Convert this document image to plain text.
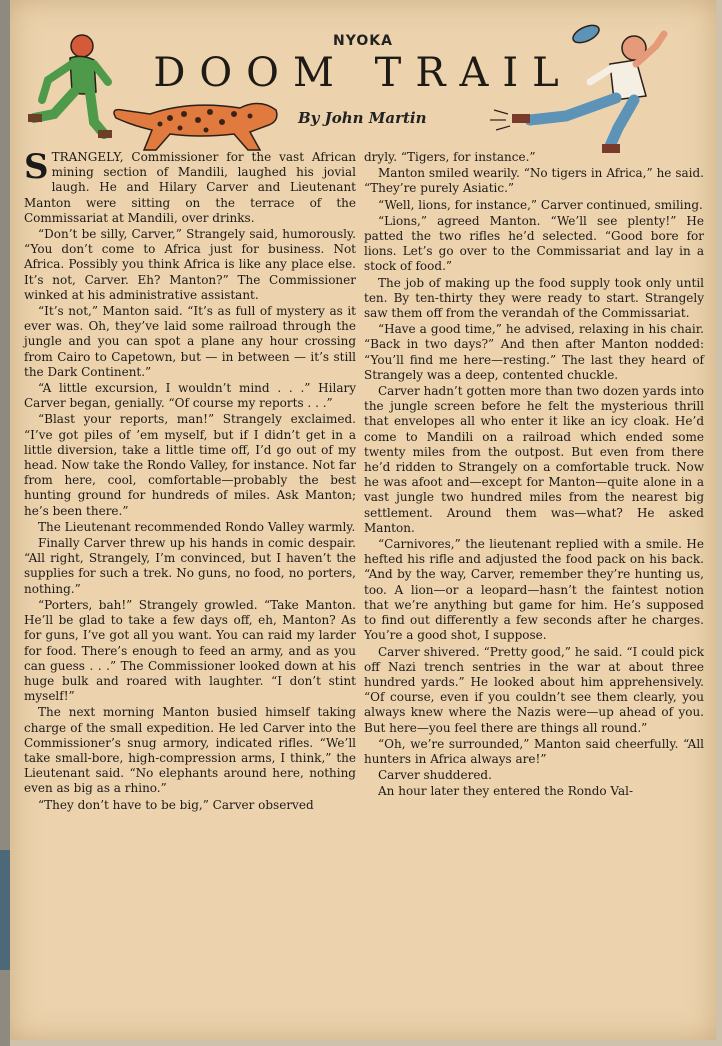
NYOKA
DOOM TRAIL
By John Martin

STRANGELY, Commissioner for the vast African mining section of Mandili, laughed his jovial laugh. He and Hilary Carver and Lieutenant Manton were sitting on the terrace of the Commissariat at Mandili, over drinks.

“Don’t be silly, Carver,” Strangely said, humorously. “You don’t come to Africa just for business. Not Africa. Possibly you think Africa is like any place else. It’s not, Carver. Eh? Manton?” The Commissioner winked at his administrative assistant.

“It’s not,” Manton said. “It’s as full of mystery as it ever was. Oh, they’ve laid some railroad through the jungle and you can spot a plane any hour crossing from Cairo to Capetown, but — in between — it’s still the Dark Continent.”

“A little excursion, I wouldn’t mind . . .” Hilary Carver began, genially. “Of course my reports . . .”

“Blast your reports, man!” Strangely exclaimed. “I’ve got piles of ’em myself, but if I didn’t get in a little diversion, take a little time off, I’d go out of my head. Now take the Rondo Valley, for instance. Not far from here, cool, comfortable—probably the best hunting ground for hundreds of miles. Ask Manton; he’s been there.”

The Lieutenant recommended Rondo Valley warmly.

Finally Carver threw up his hands in comic despair. “All right, Strangely, I’m convinced, but I haven’t the supplies for such a trek. No guns, no food, no porters, nothing.”

“Porters, bah!” Strangely growled. “Take Manton. He’ll be glad to take a few days off, eh, Manton? As for guns, I’ve got all you want. You can raid my larder for food. There’s enough to feed an army, and as you can guess . . .” The Commissioner looked down at his huge bulk and roared with laughter. “I don’t stint myself!”

The next morning Manton busied himself taking charge of the small expedition. He led Carver into the Commissioner’s snug armory, indicated rifles. “We’ll take small-bore, high-compression arms, I think,” the Lieutenant said. “No elephants around here, nothing even as big as a rhino.”

“They don’t have to be big,” Carver observed

dryly. “Tigers, for instance.”

Manton smiled wearily. “No tigers in Africa,” he said. “They’re purely Asiatic.”

“Well, lions, for instance,” Carver continued, smiling.

“Lions,” agreed Manton. “We’ll see plenty!” He patted the two rifles he’d selected. “Good bore for lions. Let’s go over to the Commissariat and lay in a stock of food.”

The job of making up the food supply took only until ten. By ten-thirty they were ready to start. Strangely saw them off from the verandah of the Commissariat.

“Have a good time,” he advised, relaxing in his chair. “Back in two days?” And then after Manton nodded: “You’ll find me here—resting.” The last they heard of Strangely was a deep, contented chuckle.

Carver hadn’t gotten more than two dozen yards into the jungle screen before he felt the mysterious thrill that envelopes all who enter it like an icy cloak. He’d come to Mandili on a railroad which ended some twenty miles from the outpost. But even from there he’d ridden to Strangely on a comfortable truck. Now he was afoot and—except for Manton—quite alone in a vast jungle two hundred miles from the nearest big settlement. Around them was—what? He asked Manton.

“Carnivores,” the lieutenant replied with a smile. He hefted his rifle and adjusted the food pack on his back. “And by the way, Carver, remember they’re hunting us, too. A lion—or a leopard—hasn’t the faintest notion that we’re anything but game for him. He’s supposed to find out differently a few seconds after he charges. You’re a good shot, I suppose.

Carver shivered. “Pretty good,” he said. “I could pick off Nazi trench sentries in the war at about three hundred yards.” He looked about him apprehensively. “Of course, even if you couldn’t see them clearly, you always knew where the Nazis were—up ahead of you. But here—you feel there are things all round.”

“Oh, we’re surrounded,” Manton said cheerfully. “All hunters in Africa always are!”

Carver shuddered.

An hour later they entered the Rondo Val-
